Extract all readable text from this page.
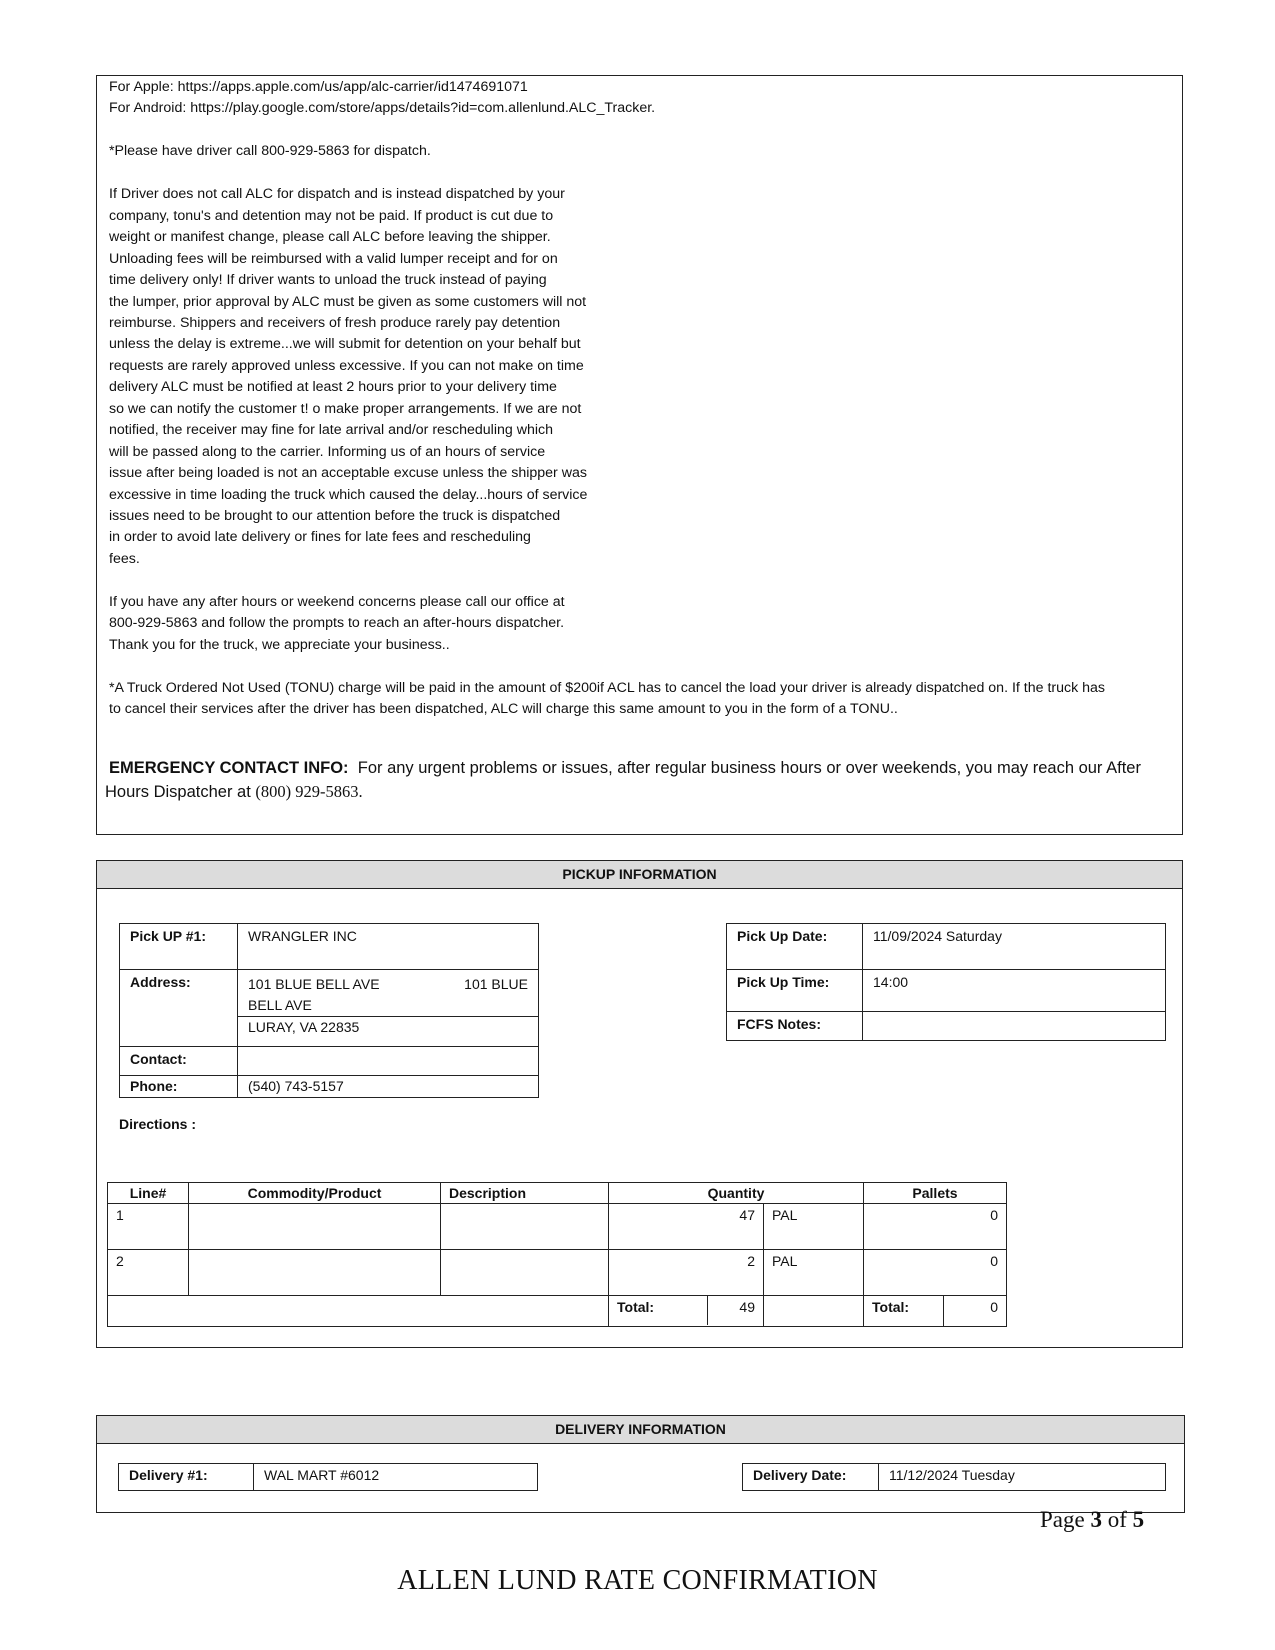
For Apple: https://apps.apple.com/us/app/alc-carrier/id1474691071
For Android: https://play.google.com/store/apps/details?id=com.allenlund.ALC_Tracker.
*Please have driver call 800-929-5863 for dispatch.
If Driver does not call ALC for dispatch and is instead dispatched by your
company, tonu's and detention may not be paid. If product is cut due to
weight or manifest change, please call ALC before leaving the shipper.
Unloading fees will be reimbursed with a valid lumper receipt and for on
time delivery only! If driver wants to unload the truck instead of paying
the lumper, prior approval by ALC must be given as some customers will not
reimburse. Shippers and receivers of fresh produce rarely pay detention
unless the delay is extreme...we will submit for detention on your behalf but
requests are rarely approved unless excessive. If you can not make on time
delivery ALC must be notified at least 2 hours prior to your delivery time
so we can notify the customer t! o make proper arrangements. If we are not
notified, the receiver may fine for late arrival and/or rescheduling which
will be passed along to the carrier. Informing us of an hours of service
issue after being loaded is not an acceptable excuse unless the shipper was
excessive in time loading the truck which caused the delay...hours of service
issues need to be brought to our attention before the truck is dispatched
in order to avoid late delivery or fines for late fees and rescheduling
fees.
If you have any after hours or weekend concerns please call our office at
800-929-5863 and follow the prompts to reach an after-hours dispatcher.
Thank you for the truck, we appreciate your business..
*A Truck Ordered Not Used (TONU) charge will be paid in the amount of $200if ACL has to cancel the load your driver is already dispatched on. If the truck has
to cancel their services after the driver has been dispatched, ALC will charge this same amount to you in the form of a TONU..
EMERGENCY CONTACT INFO: For any urgent problems or issues, after regular business hours or over weekends, you may reach our After
Hours Dispatcher at (800) 929-5863.
PICKUP INFORMATION
Pick UP #1:	WRANGLER INC
Address:	101 BLUE BELL AVE 101 BLUE
BELL AVE

	LURAY, VA 22835
Contact:	
Phone:	(540) 743-5157
Pick Up Date:	11/09/2024 Saturday
Pick Up Time:	14:00
FCFS Notes:	
Directions :
Line#	Commodity/Product	Description	Quantity		Pallets	
1			47	PAL	0	
2			2	PAL	0	

			Total: 49		Total:	0
DELIVERY INFORMATION
Delivery #1:	WAL MART #6012	Delivery Date:	11/12/2024 Tuesday
Page 3 of 5
ALLEN LUND RATE CONFIRMATION
